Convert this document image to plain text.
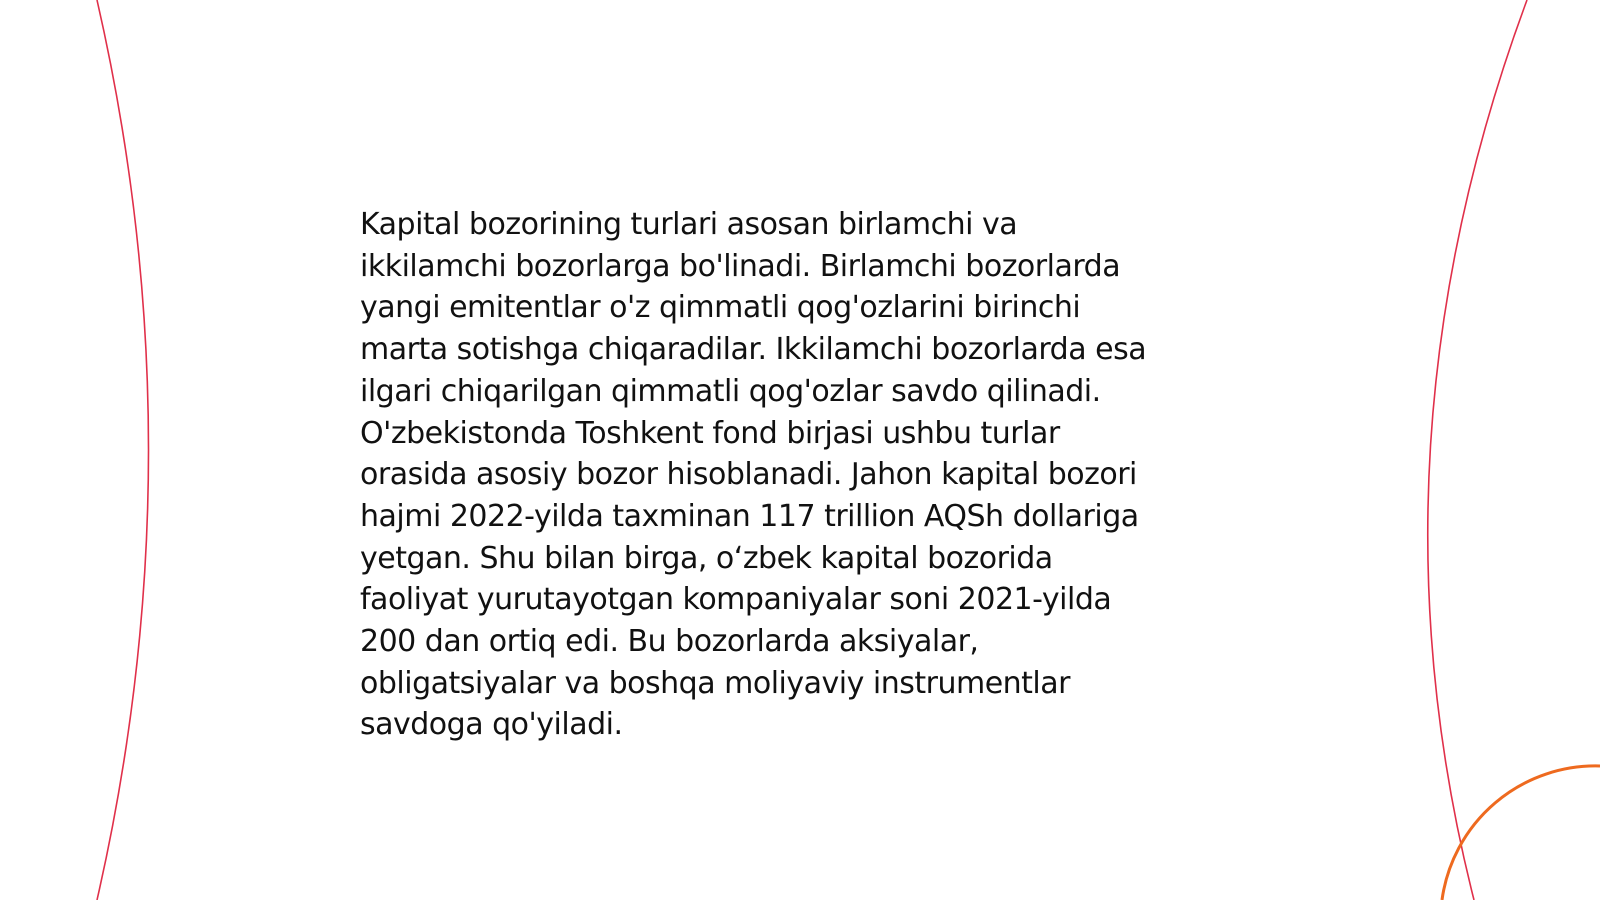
Kapital bozorining turlari asosan birlamchi va
ikkilamchi bozorlarga bo'linadi. Birlamchi bozorlarda
yangi emitentlar o'z qimmatli qog'ozlarini birinchi
marta sotishga chiqaradilar. Ikkilamchi bozorlarda esa
ilgari chiqarilgan qimmatli qog'ozlar savdo qilinadi.
O'zbekistonda Toshkent fond birjasi ushbu turlar
orasida asosiy bozor hisoblanadi. Jahon kapital bozori
hajmi 2022-yilda taxminan 117 trillion AQSh dollariga
yetgan. Shu bilan birga, o‘zbek kapital bozorida
faoliyat yurutayotgan kompaniyalar soni 2021-yilda
200 dan ortiq edi. Bu bozorlarda aksiyalar,
obligatsiyalar va boshqa moliyaviy instrumentlar
savdoga qo'yiladi.
